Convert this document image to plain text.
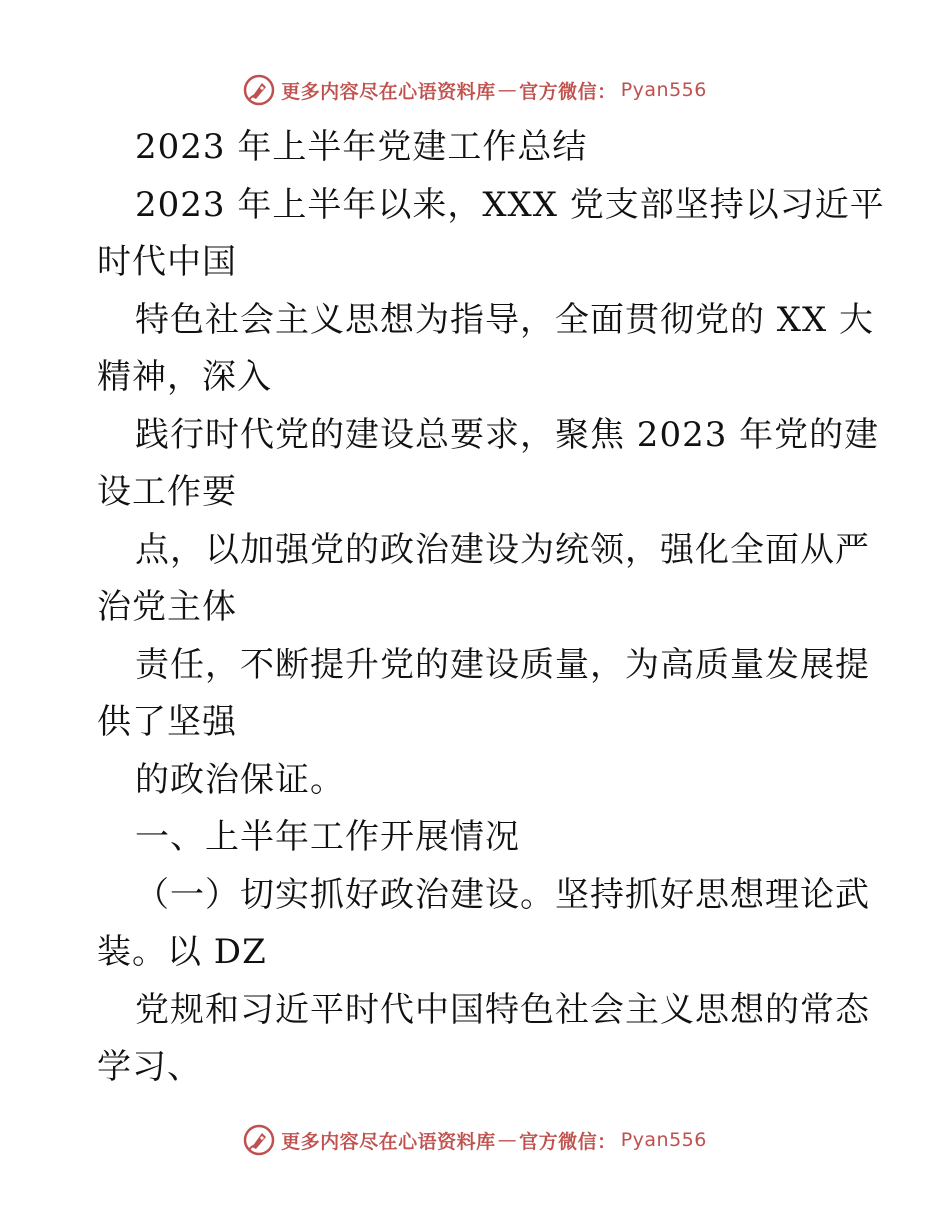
更多内容尽在心语资料库 — 官方微信： Pyan556
2023 年上半年党建工作总结
2023 年上半年以来，XXX 党支部坚持以习近平
时代中国
特色社会主义思想为指导，全面贯彻党的 XX 大
精神，深入
践行时代党的建设总要求，聚焦 2023 年党的建
设工作要
点，以加强党的政治建设为统领，强化全面从严
治党主体
责任，不断提升党的建设质量，为高质量发展提
供了坚强
的政治保证。
一、上半年工作开展情况
（一）切实抓好政治建设。坚持抓好思想理论武
装。以 DZ
党规和习近平时代中国特色社会主义思想的常态
学习、
更多内容尽在心语资料库 — 官方微信： Pyan556
